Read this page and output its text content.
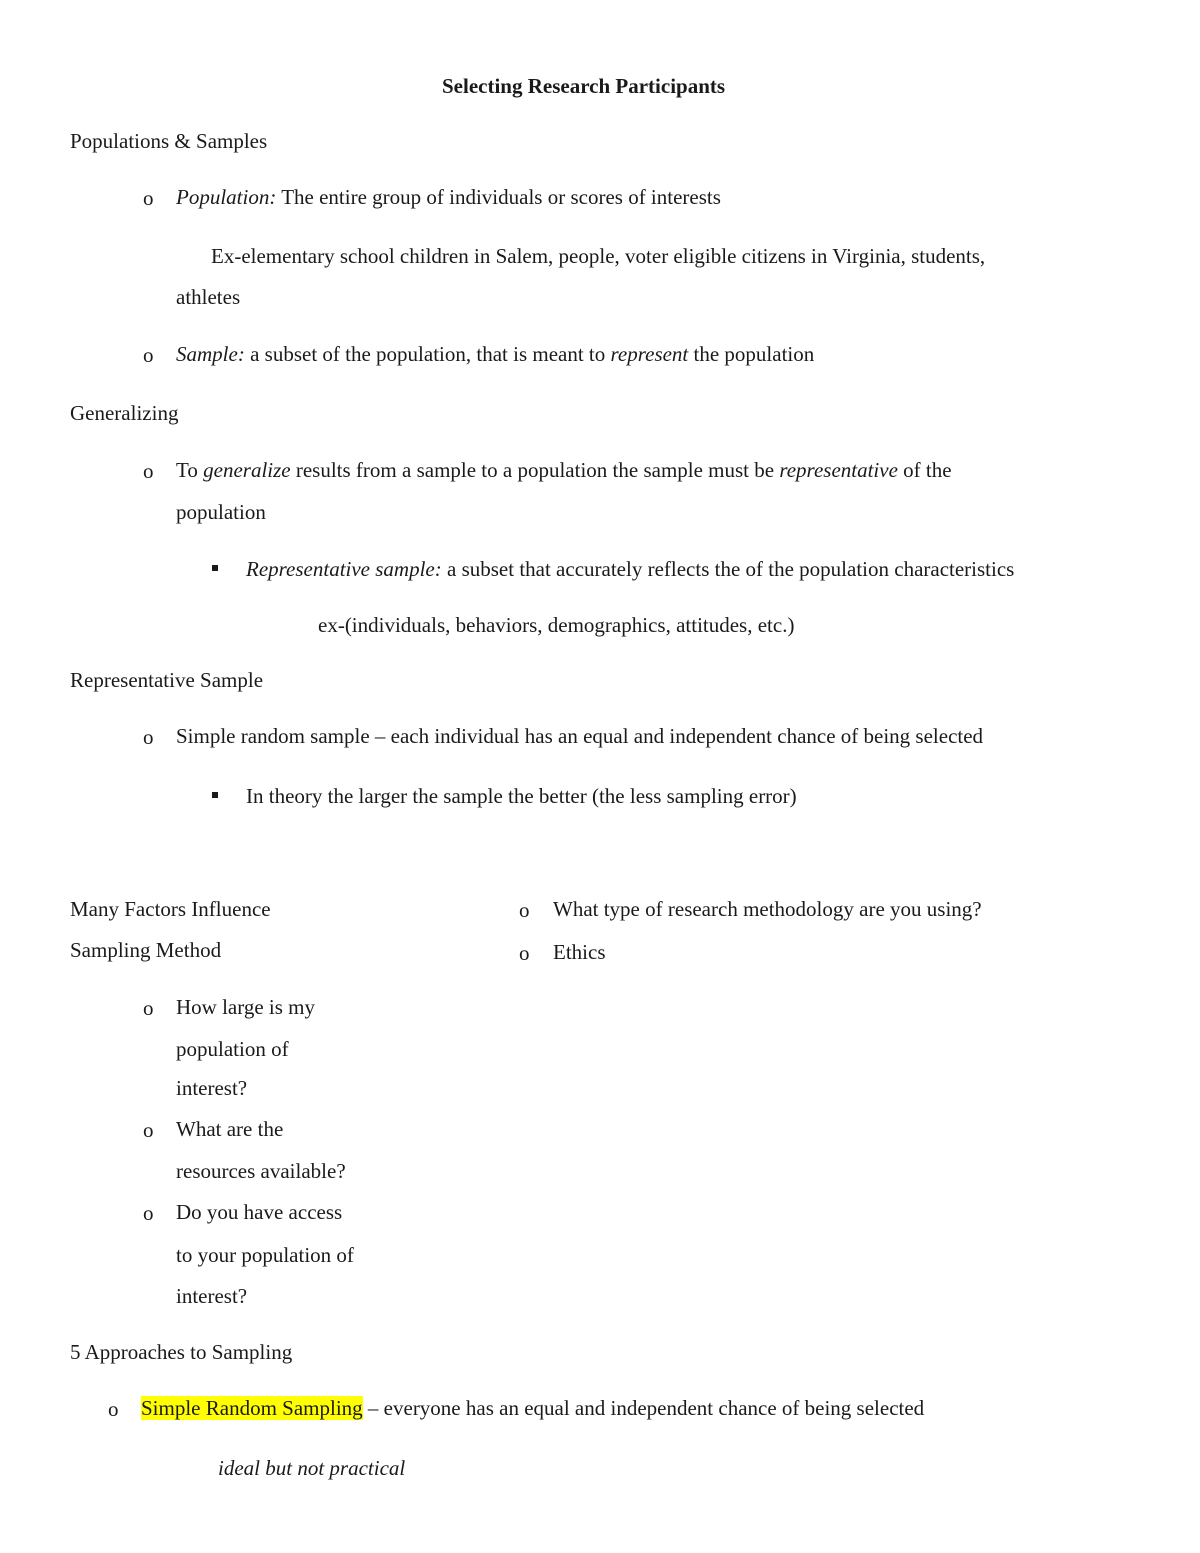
Selecting Research Participants
Populations & Samples
o Population: The entire group of individuals or scores of interests
Ex-elementary school children in Salem, people, voter eligible citizens in Virginia, students,
athletes
o Sample: a subset of the population, that is meant to represent the population
Generalizing
o To generalize results from a sample to a population the sample must be representative of the
population
Representative sample: a subset that accurately reflects the of the population characteristics
ex-(individuals, behaviors, demographics, attitudes, etc.)
Representative Sample
o Simple random sample – each individual has an equal and independent chance of being selected
In theory the larger the sample the better (the less sampling error)
Many Factors Influence
Sampling Method
o How large is my
population of
interest?
o What are the
resources available?
o Do you have access
to your population of
interest?
o What type of research methodology are you using?
o Ethics
5 Approaches to Sampling
o Simple Random Sampling – everyone has an equal and independent chance of being selected
ideal but not practical
